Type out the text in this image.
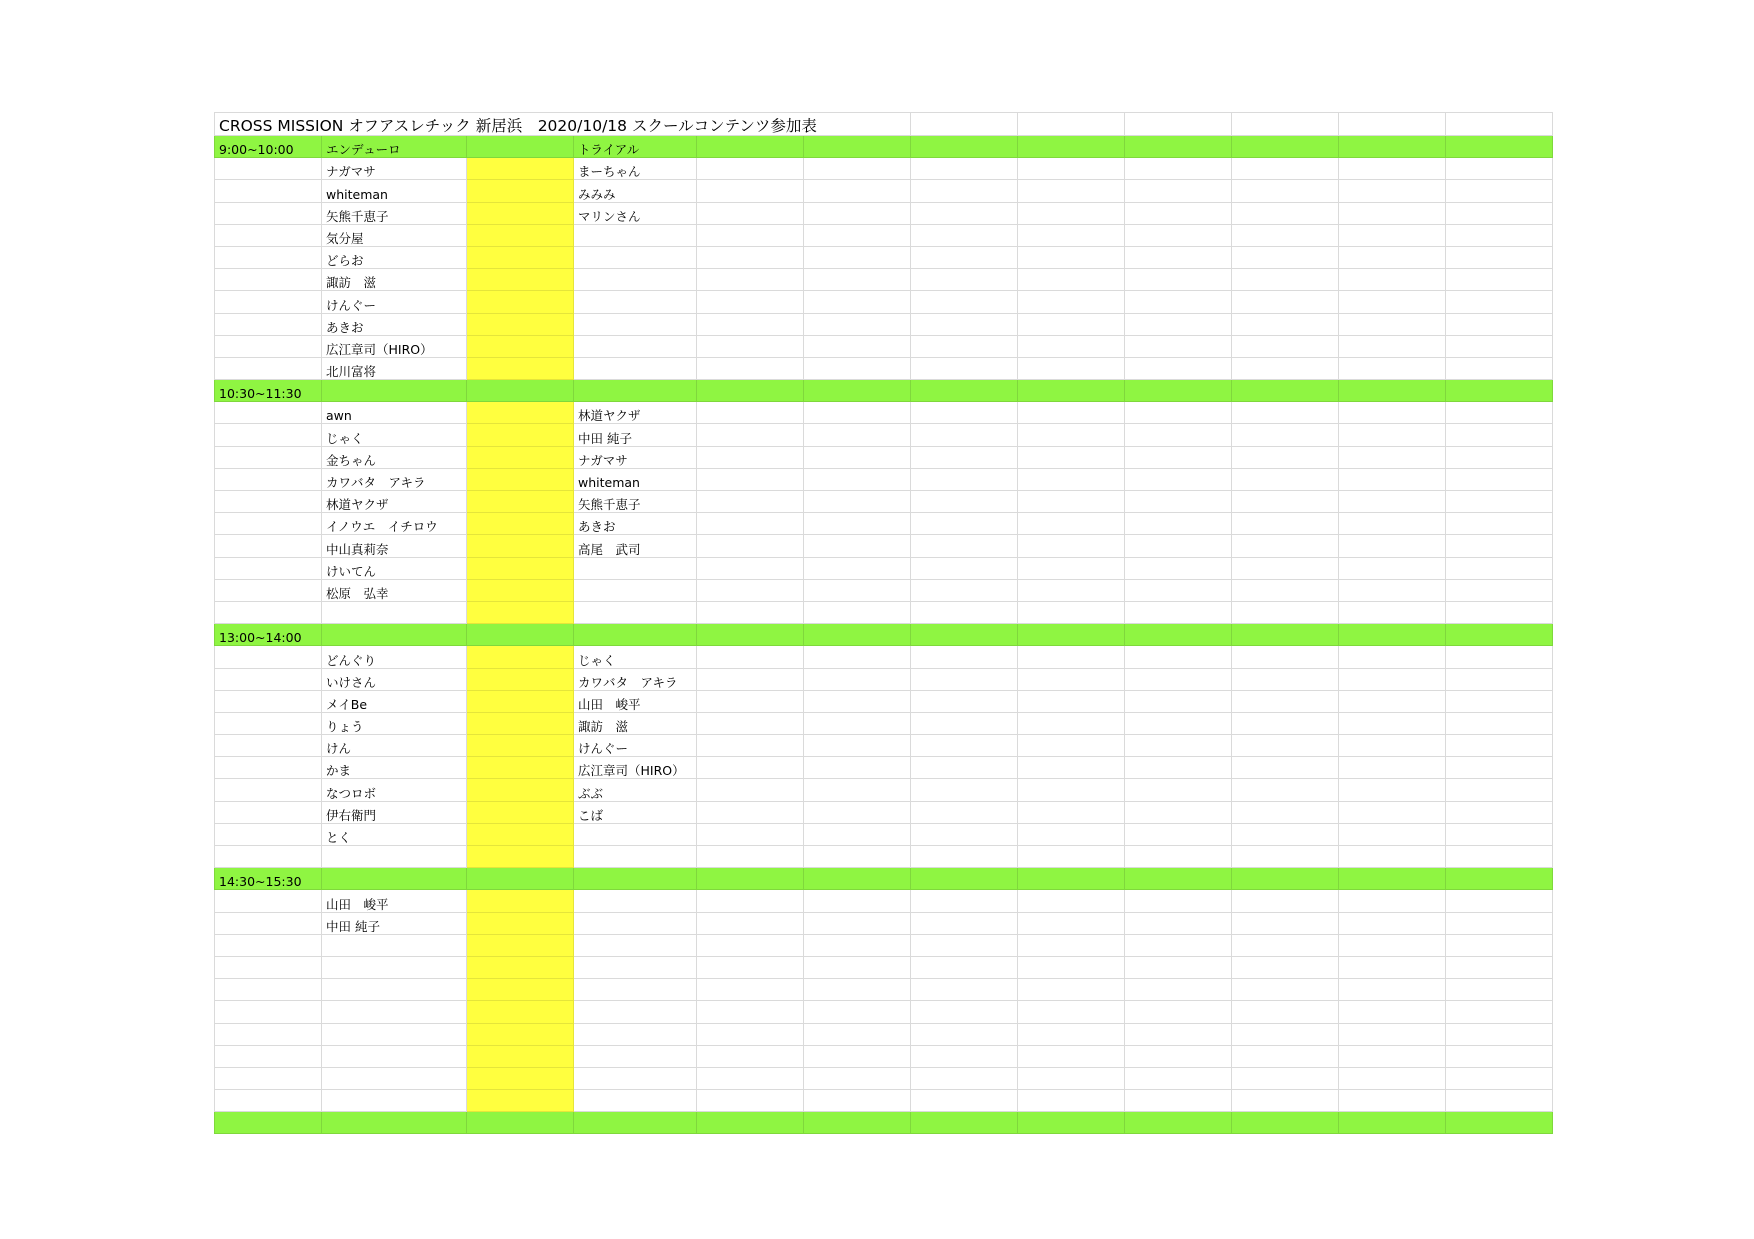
CROSS MISSION オフアスレチック 新居浜　2020/10/18 スクールコンテンツ参加表											
9:00~10:00	エンデューロ		トライアル								
	ナガマサ		まーちゃん								
	whiteman		みみみ								
	矢熊千恵子		マリンさん								
	気分屋										
	どらお										
	諏訪　滋										
	けんぐー										
	あきお										
	広江章司（HIRO）										
	北川富将										
10:30~11:30											
	awn		林道ヤクザ								
	じゃく		中田 純子								
	金ちゃん		ナガマサ								
	カワバタ　アキラ		whiteman								
	林道ヤクザ		矢熊千恵子								
	イノウエ　イチロウ		あきお								
	中山真莉奈		高尾　武司								
	けいてん										
	松原　弘幸										

13:00~14:00											
	どんぐり		じゃく								
	いけさん		カワバタ　アキラ								
	メイBe		山田　峻平								
	りょう		諏訪　滋								
	けん		けんぐー								
	かま		広江章司（HIRO）								
	なつロボ		ぶぶ								
	伊右衛門		こば								
	とく										

14:30~15:30											
	山田　峻平										
	中田 純子										
